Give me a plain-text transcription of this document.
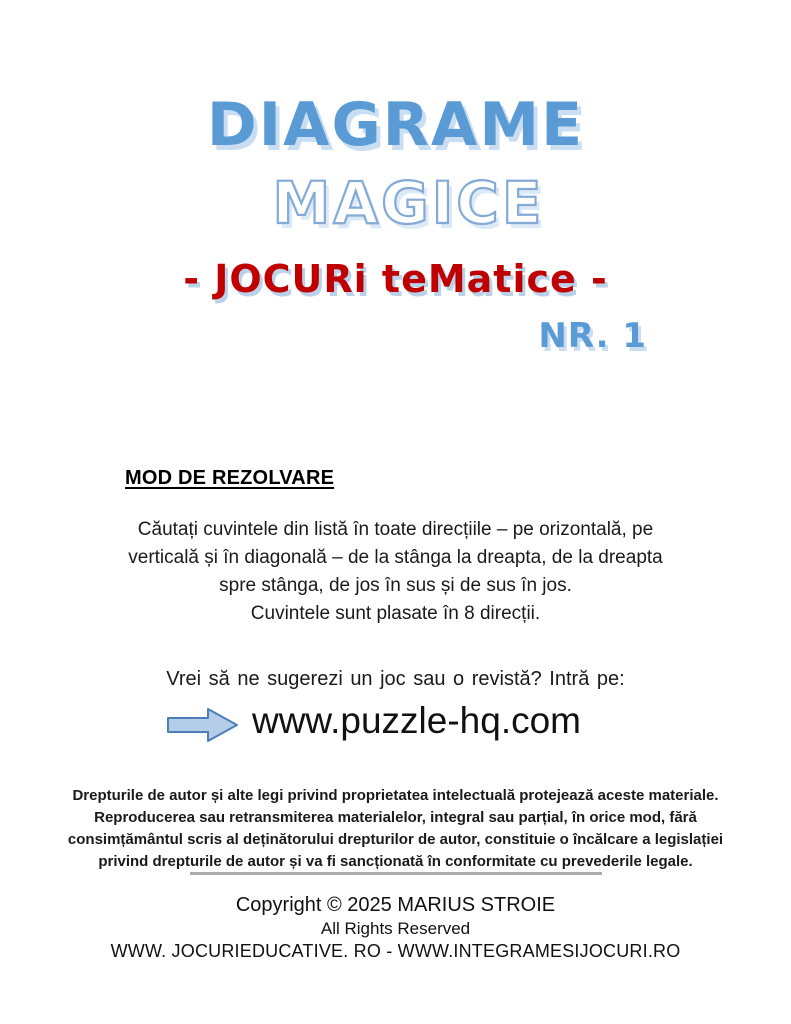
DIAGRAME
MAGICE
- JOCURi teMatice -
NR. 1
MOD DE REZOLVARE
Căutați cuvintele din listă în toate direcțiile – pe orizontală, pe
verticală și în diagonală – de la stânga la dreapta, de la dreapta
spre stânga, de jos în sus și de sus în jos.
Cuvintele sunt plasate în 8 direcții.
Vrei să ne sugerezi un joc sau o revistă? Intră pe:
www.puzzle-hq.com
Drepturile de autor și alte legi privind proprietatea intelectuală protejează aceste materiale.
Reproducerea sau retransmiterea materialelor, integral sau parțial, în orice mod, fără
consimțământul scris al deținătorului drepturilor de autor, constituie o încălcare a legislației
privind drepturile de autor și va fi sancționată în conformitate cu prevederile legale.
Copyright © 2025 MARIUS STROIE
All Rights Reserved
WWW. JOCURIEDUCATIVE. RO - WWW.INTEGRAMESIJOCURI.RO
